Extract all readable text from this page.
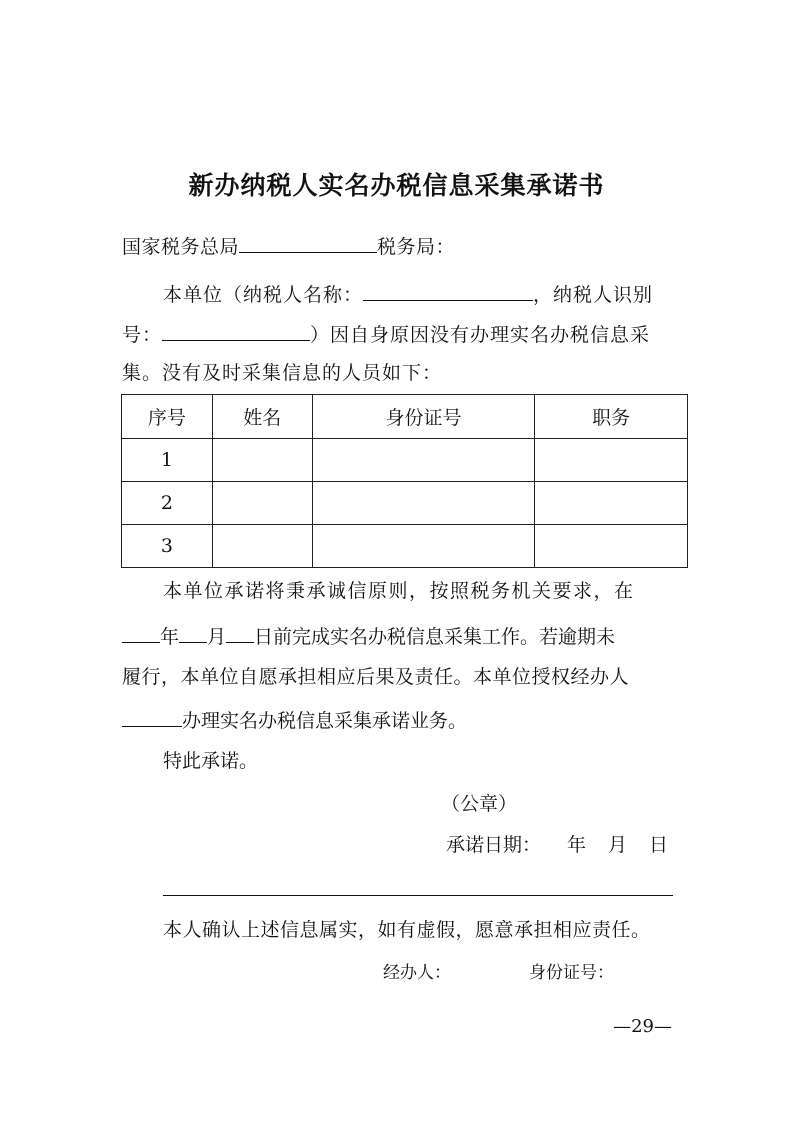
新办纳税人实名办税信息采集承诺书
国家税务总局	税务局：
本单位（纳税人名称：	，纳税人识别
号：	）因自身原因没有办理实名办税信息采
集。没有及时采集信息的人员如下：
序号	姓名	身份证号	职务
1			
2			
3			
本单位承诺将秉承诚信原则，按照税务机关要求，在
年 月 日前完成实名办税信息采集工作。若逾期未
履行，本单位自愿承担相应后果及责任。本单位授权经办人
办理实名办税信息采集承诺业务。
特此承诺。
（公章）
承诺日期： 年 月 日
本人确认上述信息属实，如有虚假，愿意承担相应责任。
经办人：	身份证号：
—29—
